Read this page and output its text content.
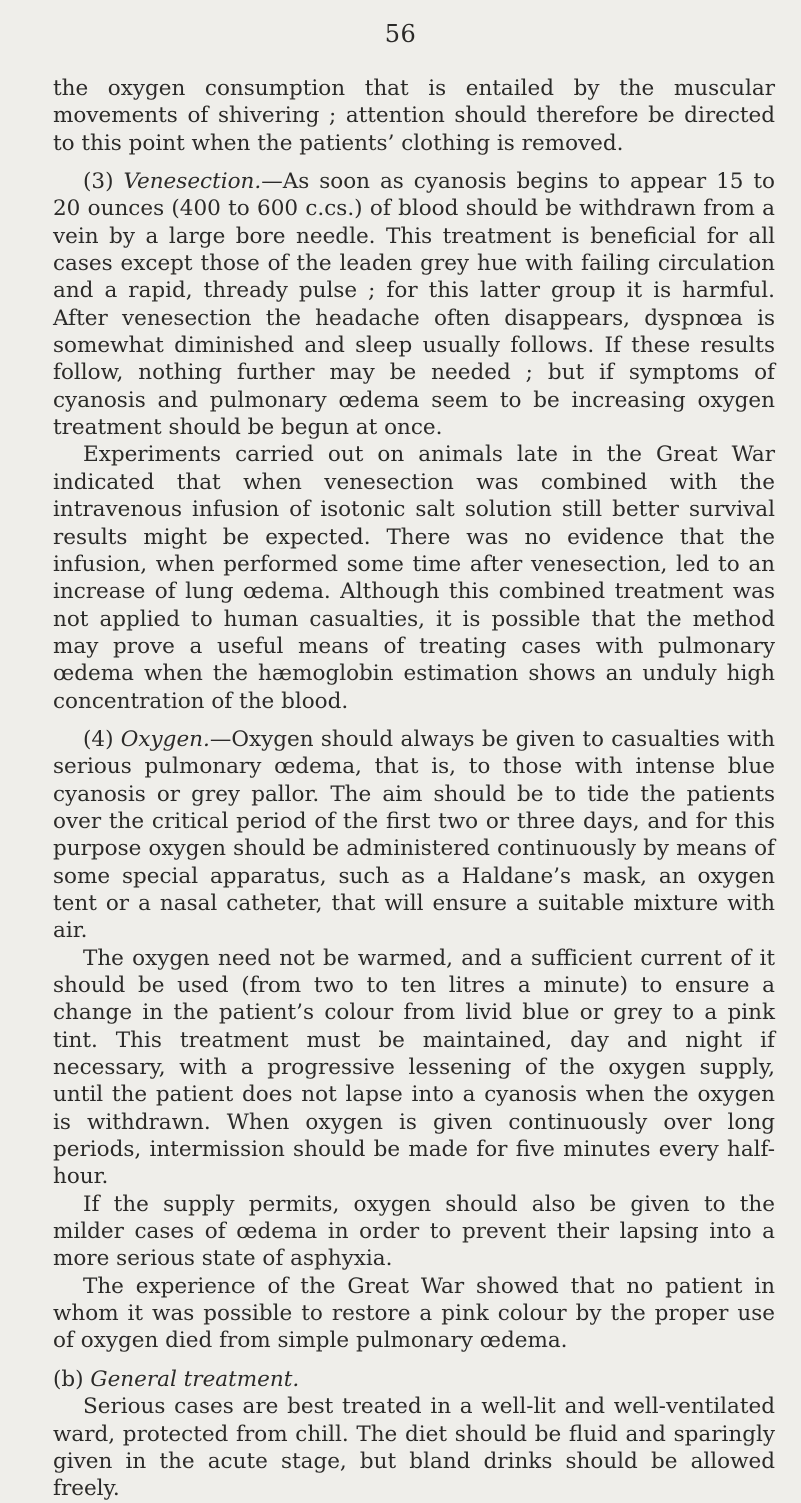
56

the oxygen consumption that is entailed by the muscular movements of shivering ; attention should therefore be directed to this point when the patients’ clothing is removed.

(3) Venesection.—As soon as cyanosis begins to appear 15 to 20 ounces (400 to 600 c.cs.) of blood should be withdrawn from a vein by a large bore needle. This treatment is beneficial for all cases except those of the leaden grey hue with failing circulation and a rapid, thready pulse ; for this latter group it is harmful. After venesection the headache often disappears, dyspnœa is somewhat diminished and sleep usually follows. If these results follow, nothing further may be needed ; but if symptoms of cyanosis and pulmonary œdema seem to be increasing oxygen treatment should be begun at once.

Experiments carried out on animals late in the Great War indicated that when venesection was combined with the intravenous infusion of isotonic salt solution still better survival results might be expected. There was no evidence that the infusion, when performed some time after venesection, led to an increase of lung œdema. Although this combined treatment was not applied to human casualties, it is possible that the method may prove a useful means of treating cases with pulmonary œdema when the hæmoglobin estimation shows an unduly high concentration of the blood.

(4) Oxygen.—Oxygen should always be given to casualties with serious pulmonary œdema, that is, to those with intense blue cyanosis or grey pallor. The aim should be to tide the patients over the critical period of the first two or three days, and for this purpose oxygen should be administered continuously by means of some special apparatus, such as a Haldane’s mask, an oxygen tent or a nasal catheter, that will ensure a suitable mixture with air.

The oxygen need not be warmed, and a sufficient current of it should be used (from two to ten litres a minute) to ensure a change in the patient’s colour from livid blue or grey to a pink tint. This treatment must be maintained, day and night if necessary, with a progressive lessening of the oxygen supply, until the patient does not lapse into a cyanosis when the oxygen is withdrawn. When oxygen is given continuously over long periods, intermission should be made for five minutes every half-hour.

If the supply permits, oxygen should also be given to the milder cases of œdema in order to prevent their lapsing into a more serious state of asphyxia.

The experience of the Great War showed that no patient in whom it was possible to restore a pink colour by the proper use of oxygen died from simple pulmonary œdema.

(b) General treatment.

Serious cases are best treated in a well-lit and well-ventilated ward, protected from chill. The diet should be fluid and sparingly given in the acute stage, but bland drinks should be allowed freely.
